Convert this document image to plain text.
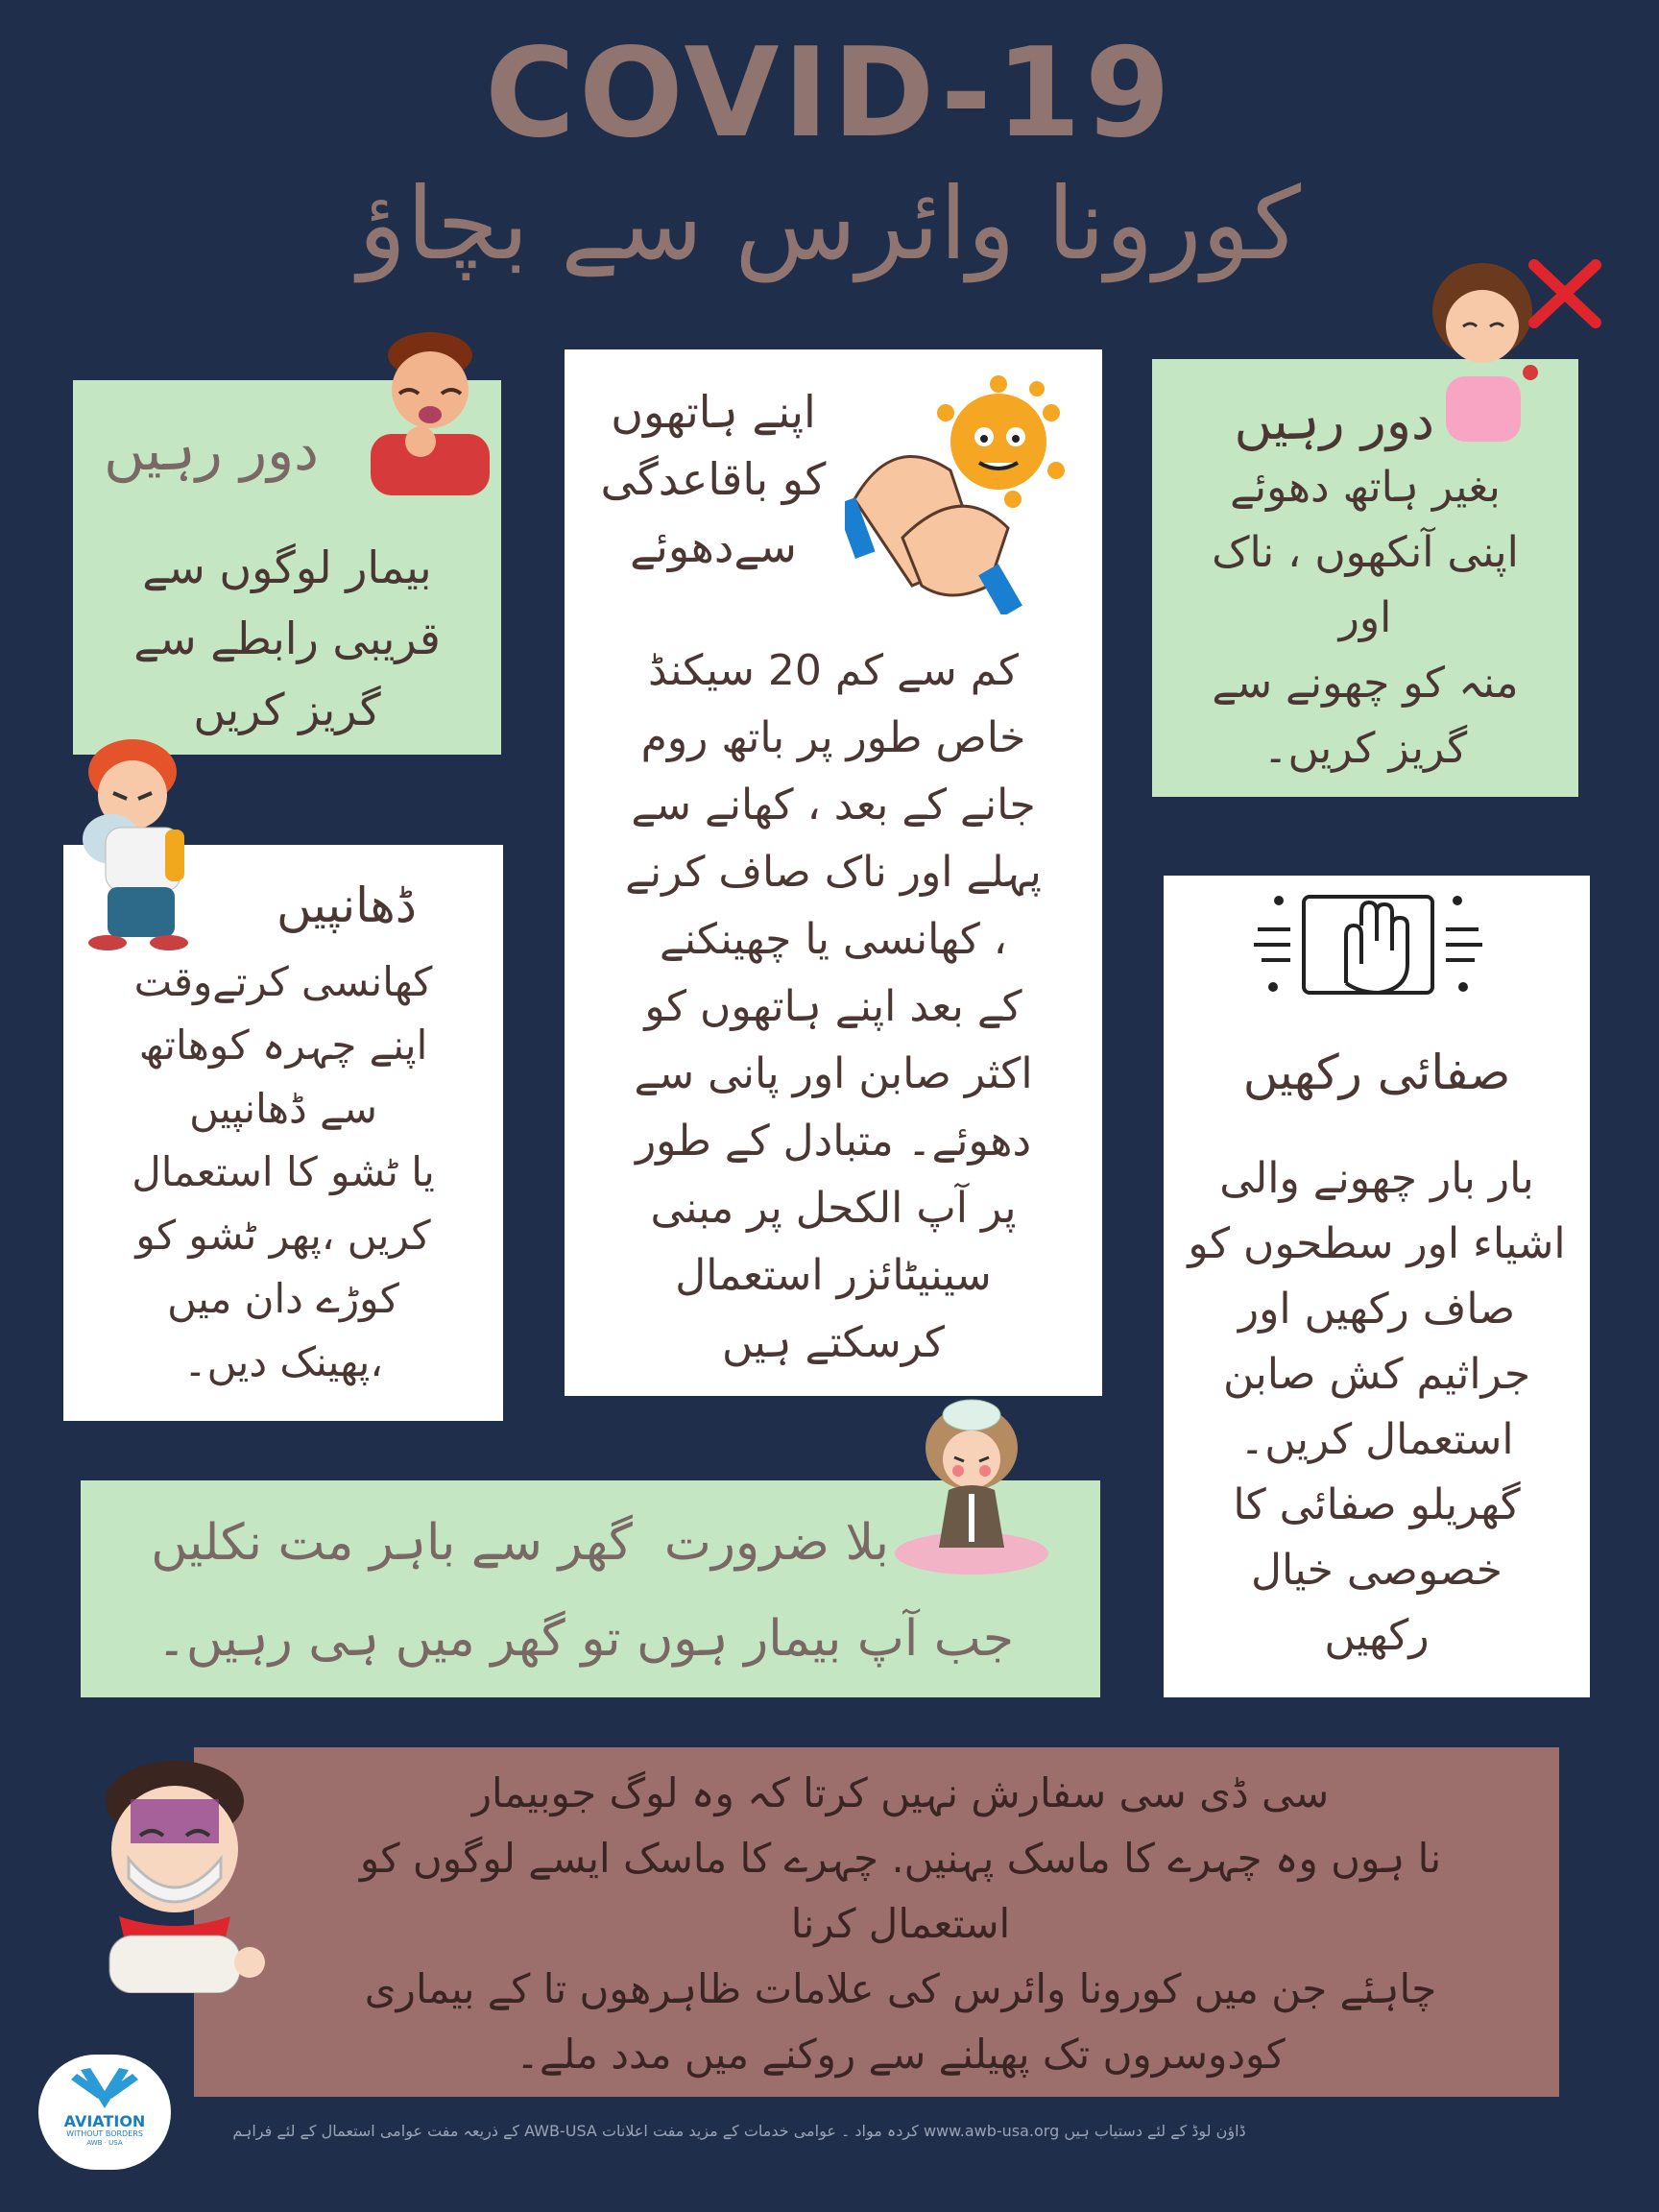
COVID-19
کورونا وائرس سے بچاؤ
دور رہیں
بیمار لوگوں سے
قریبی رابطے سے
گریز کریں
اپنے ہاتھوں
کو باقاعدگی
سےدھوئے
کم سے کم 20 سیکنڈ
خاص طور پر باتھ روم
جانے کے بعد ، کھانے سے
پہلے اور ناک صاف کرنے
، کھانسی یا چھینکنے
کے بعد اپنے ہاتھوں کو
اکثر صابن اور پانی سے
دھوئے۔ متبادل کے طور
پر آپ الکحل پر مبنی
سینیٹائزر استعمال
کرسکتے ہیں
دور رہیں
بغیر ہاتھ دھوئے
اپنی آنکھوں ، ناک
اور
منہ کو چھونے سے
گریز کریں۔
ڈھانپیں
کھانسی کرتےوقت
اپنے چہرہ کوھاتھ
سے ڈھانپیں
یا ٹشو کا استعمال
کریں ،پھر ٹشو کو
کوڑے دان میں
،پھینک دیں۔
صفائی رکھیں
بار بار چھونے والی
اشیاء اور سطحوں کو
صاف رکھیں اور
جراثیم کش صابن
استعمال کریں۔
گھریلو صفائی کا
خصوصی خیال
رکھیں
بلا ضرورت  گھر سے باہر مت نکلیں
جب آپ بیمار ہوں تو گھر میں ہی رہیں۔
سی ڈی سی سفارش نہیں کرتا کہ وہ لوگ جوبیمار
نا ہوں وہ چہرے کا ماسک پہنیں. چہرے کا ماسک ایسے لوگوں کو
استعمال کرنا
چاہئے جن میں کورونا وائرس کی علامات ظاہرھوں تا کے بیماری
کودوسروں تک پھیلنے سے روکنے میں مدد ملے۔
AVIATION
WITHOUT BORDERS
AWB · USA
ڈاؤن لوڈ کے لئے دستیاب ہیں www.awb-usa.org کردہ مواد ۔ عوامی خدمات کے مزید مفت اعلانات AWB-USA کے ذریعہ مفت عوامی استعمال کے لئے فراہم
